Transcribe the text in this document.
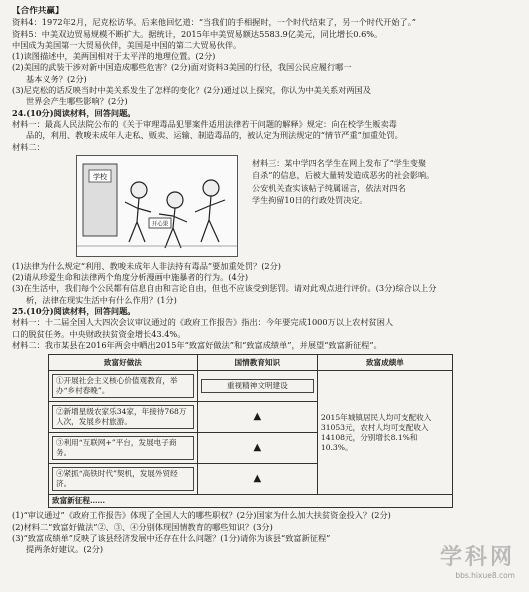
【合作共赢】
资料4：1972年2月，尼克松访华。后来他回忆道：“当我们的手相握时，一个时代结束了，另一个时代开始了。”
资料5：中美双边贸易规模不断扩大。据统计，2015年中美贸易额达5583.9亿美元，同比增长0.6%。
中国成为美国第一大贸易伙伴，美国是中国的第二大贸易伙伴。
(1)读图描述中，美两国相对于太平洋的地理位置。(2分)
(2)美国的武装干涉对新中国造成哪些危害？(2分)面对资料3美国的行径，我国公民应履行哪一
基本义务？(2分)
(3)尼克松的话反映当时中美关系发生了怎样的变化？(2分)通过以上探究，你认为中美关系对两国及
世界会产生哪些影响？(2分)
24.(10分)阅读材料，回答问题。
材料一：最高人民法院公布的《关于审理毒品犯罪案件适用法律若干问题的解释》规定：向在校学生贩卖毒
品的，利用、教唆未成年人走私、贩卖、运输、制造毒品的，被认定为刑法规定的“情节严重”加重处罚。
材料二：
学校
开心果
材料三：某中学四名学生在网上发布了“学生变聚
自杀”的信息，后被大量转发造成恶劣的社会影响。
公安机关查实该帖子纯属谣言，依法对四名
学生拘留10日的行政处罚决定。
(1)法律为什么规定“利用、教唆未成年人非法持有毒品”要加重处罚？(2分)
(2)请从珍爱生命和法律两个角度分析漫画中施暴者的行为。(4分)
(3)在生活中，我们每个公民都有信息自由和言论自由，但也不应该受到惩罚。请对此观点进行评价。(3分)综合以上分
析，法律在现实生活中有什么作用？(1分)
25.(10分)阅读材料，回答问题。
材料一：十二届全国人大四次会议审议通过的《政府工作报告》指出：今年要完成1000万以上农村贫困人
口的脱贫任务。中央财政扶贫资金增长43.4%。
材料二：我市某县在2016年两会中晒出2015年“致富好做法”和“致富成绩单”，并展望“致富新征程”。
致富好做法	国情教育知识	致富成绩单

①开展社会主义核心价值观教育，举办“乡村春晚”。	重视精神文明建设	2015年城镇居民人均可支配收入31053元，农村人均可支配收入14108元，分别增长8.1%和10.3%。

②新增星级农家乐34家，年接待768万人次，发展乡村旅游。	▲	

③利用“互联网+”平台，发展电子商务。	▲	

④紧抓“高铁时代”契机，发展外贸经济。	▲	
致富新征程……		
(1)“审议通过”《政府工作报告》体现了全国人大的哪些职权？(2分)国家为什么加大扶贫资金投入？(2分)
(2)材料二“致富好做法”②、③、④分别体现国情教育的哪些知识？(3分)
(3)“致富成绩单”反映了该县经济发展中还存在什么问题？(1分)请你为该县“致富新征程”
提两条好建议。(2分)	学科网
bbs.hixue8.com
